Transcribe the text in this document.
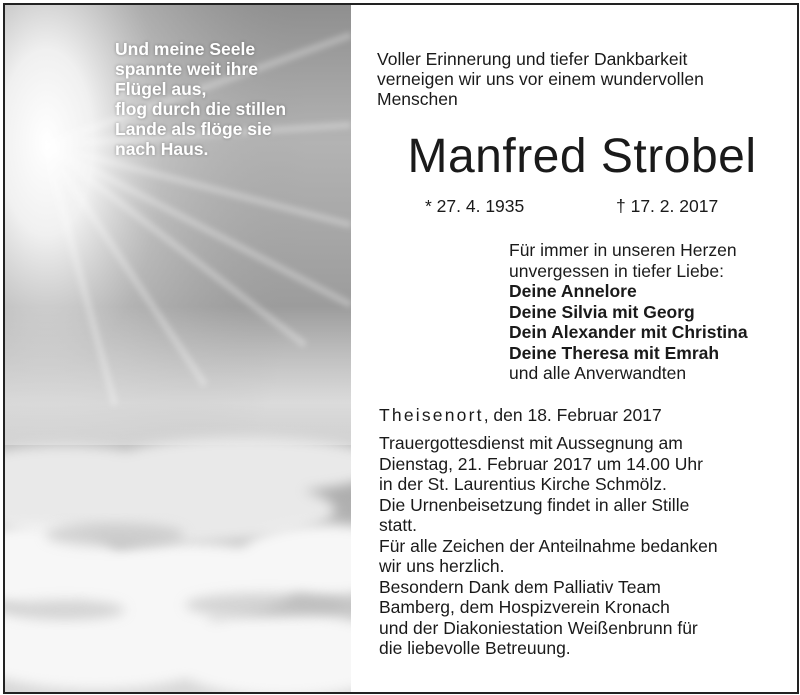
Und meine Seele
spannte weit ihre
Flügel aus,
flog durch die stillen
Lande als flöge sie
nach Haus.
Voller Erinnerung und tiefer Dankbarkeit
verneigen wir uns vor einem wundervollen
Menschen
Manfred Strobel
* 27. 4. 1935	† 17. 2. 2017
Für immer in unseren Herzen
unvergessen in tiefer Liebe:
Deine Annelore
Deine Silvia mit Georg
Dein Alexander mit Christina
Deine Theresa mit Emrah
und alle Anverwandten
Theisenort, den 18. Februar 2017
Trauergottesdienst mit Aussegnung am
Dienstag, 21. Februar 2017 um 14.00 Uhr
in der St. Laurentius Kirche Schmölz.
Die Urnenbeisetzung findet in aller Stille
statt.
Für alle Zeichen der Anteilnahme bedanken
wir uns herzlich.
Besondern Dank dem Palliativ Team
Bamberg, dem Hospizverein Kronach
und der Diakoniestation Weißenbrunn für
die liebevolle Betreuung.
